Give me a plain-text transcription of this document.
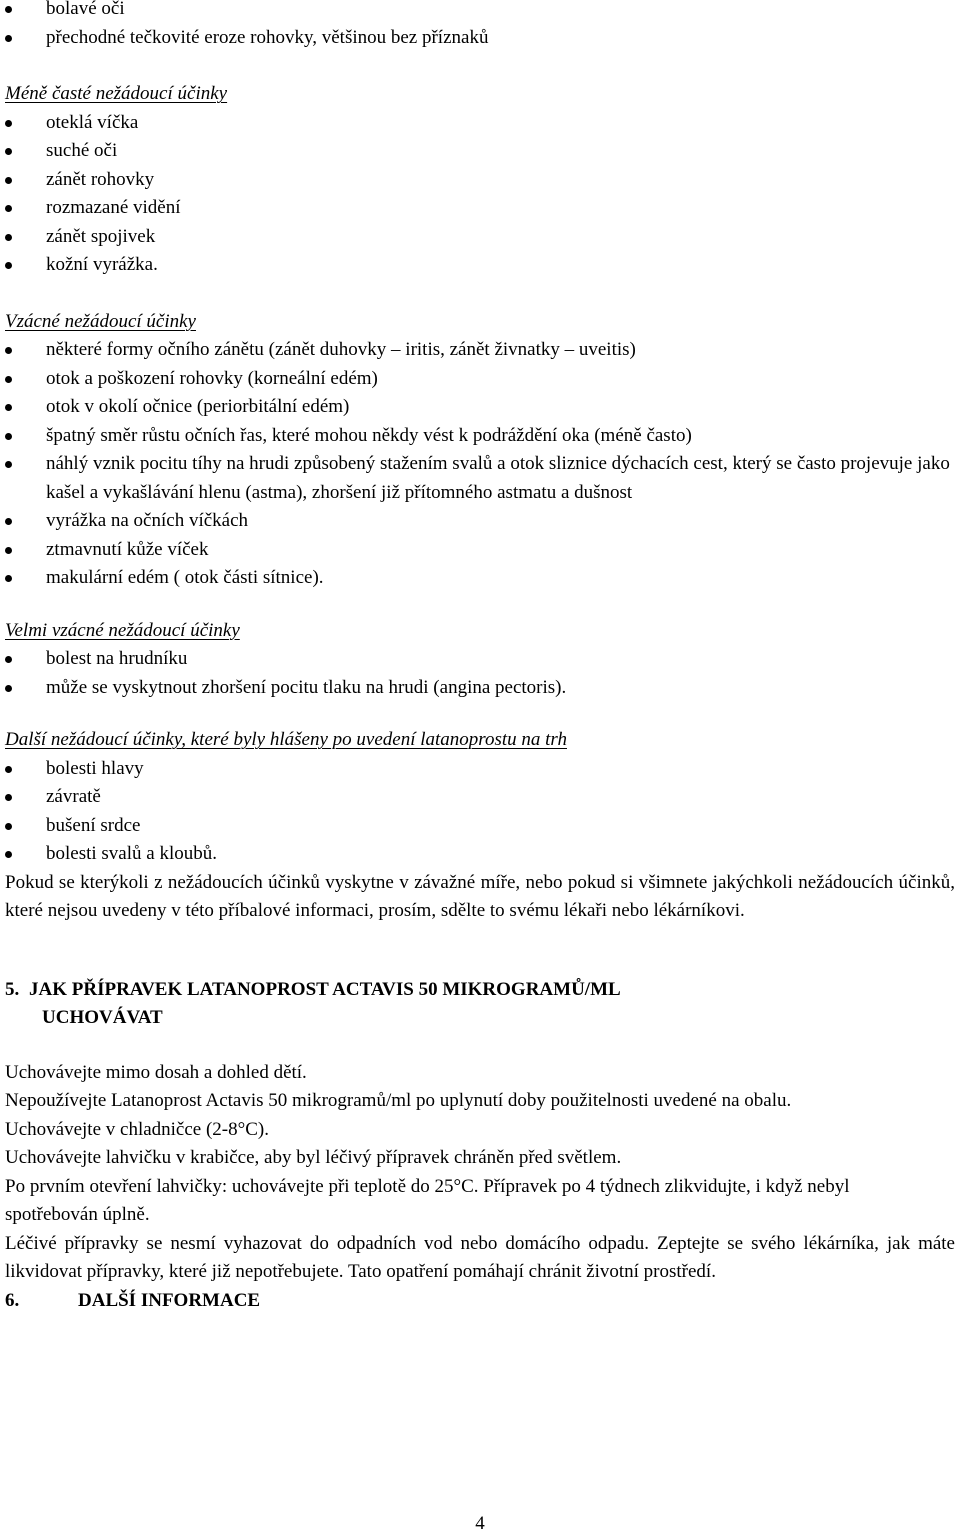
bolavé oči
přechodné tečkovité eroze rohovky, většinou bez příznaků

Méně časté nežádoucí účinky

oteklá víčka
suché oči
zánět rohovky
rozmazané vidění
zánět spojivek
kožní vyrážka.

Vzácné nežádoucí účinky

některé formy očního zánětu (zánět duhovky – iritis, zánět živnatky – uveitis)
otok a poškození rohovky (korneální edém)
otok v okolí očnice (periorbitální edém)
špatný směr růstu očních řas, které mohou někdy vést k podráždění oka (méně často)
náhlý vznik pocitu tíhy na hrudi způsobený stažením svalů a otok sliznice dýchacích cest, který se často projevuje jako kašel a vykašlávání hlenu (astma), zhoršení již přítomného astmatu a dušnost
vyrážka na očních víčkách
ztmavnutí kůže víček
makulární edém ( otok části sítnice).

Velmi vzácné nežádoucí účinky

bolest na hrudníku
může se vyskytnout zhoršení pocitu tlaku na hrudi (angina pectoris).

Další nežádoucí účinky, které byly hlášeny po uvedení latanoprostu na trh

bolesti hlavy
závratě
bušení srdce
bolesti svalů a kloubů.

Pokud se kterýkoli z nežádoucích účinků vyskytne v závažné míře, nebo pokud si všimnete jakýchkoli nežádoucích účinků, které nejsou uvedeny v této příbalové informaci, prosím, sdělte to svému lékaři nebo lékárníkovi.

5. JAK PŘÍPRAVEK LATANOPROST ACTAVIS 50 MIKROGRAMŮ/ML

UCHOVÁVAT

Uchovávejte mimo dosah a dohled dětí.

Nepoužívejte Latanoprost Actavis 50 mikrogramů/ml po uplynutí doby použitelnosti uvedené na obalu.

Uchovávejte v chladničce (2-8°C).

Uchovávejte lahvičku v krabičce, aby byl léčivý přípravek chráněn před světlem.

Po prvním otevření lahvičky: uchovávejte při teplotě do 25°C. Přípravek po 4 týdnech zlikvidujte, i když nebyl spotřebován úplně.

Léčivé přípravky se nesmí vyhazovat do odpadních vod nebo domácího odpadu. Zeptejte se svého lékárníka, jak máte likvidovat přípravky, které již nepotřebujete. Tato opatření pomáhají chránit životní prostředí.

6.	DALŠÍ INFORMACE

4
